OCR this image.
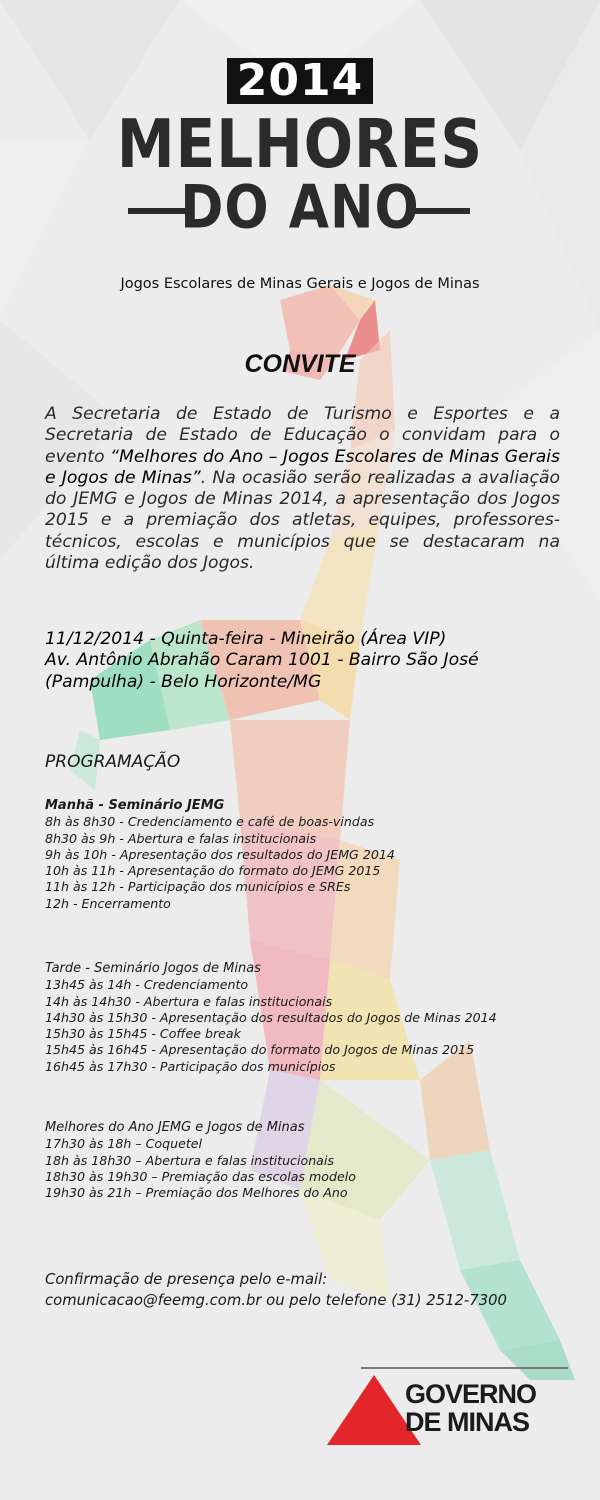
2014
MELHORES
DO ANO
Jogos Escolares de Minas Gerais e Jogos de Minas
CONVITE
A Secretaria de Estado de Turismo e Esportes e a Secretaria de Estado de Educação o convidam para o evento “Melhores do Ano – Jogos Escolares de Minas Gerais e Jogos de Minas”. Na ocasião serão realizadas a avaliação do JEMG e Jogos de Minas 2014, a apresentação dos Jogos 2015 e a premiação dos atletas, equipes, professores-técnicos, escolas e municípios que se destacaram na última edição dos Jogos.
11/12/2014 - Quinta-feira - Mineirão (Área VIP)
Av. Antônio Abrahão Caram 1001 - Bairro São José
(Pampulha) - Belo Horizonte/MG
PROGRAMAÇÃO
Manhã - Seminário JEMG
8h às 8h30 - Credenciamento e café de boas-vindas
8h30 às 9h - Abertura e falas institucionais
9h às 10h - Apresentação dos resultados do JEMG 2014
10h às 11h - Apresentação do formato do JEMG 2015
11h às 12h - Participação dos municípios e SREs
12h - Encerramento
Tarde - Seminário Jogos de Minas
13h45 às 14h - Credenciamento
14h às 14h30 - Abertura e falas institucionais
14h30 às 15h30 - Apresentação dos resultados do Jogos de Minas 2014
15h30 às 15h45 - Coffee break
15h45 às 16h45 - Apresentação do formato do Jogos de Minas 2015
16h45 às 17h30 - Participação dos municípios
Melhores do Ano JEMG e Jogos de Minas
17h30 às 18h – Coquetel
18h às 18h30 – Abertura e falas institucionais
18h30 às 19h30 – Premiação das escolas modelo
19h30 às 21h – Premiação dos Melhores do Ano
Confirmação de presença pelo e-mail:
comunicacao@feemg.com.br ou pelo telefone (31) 2512-7300
GOVERNO
DE MINAS
